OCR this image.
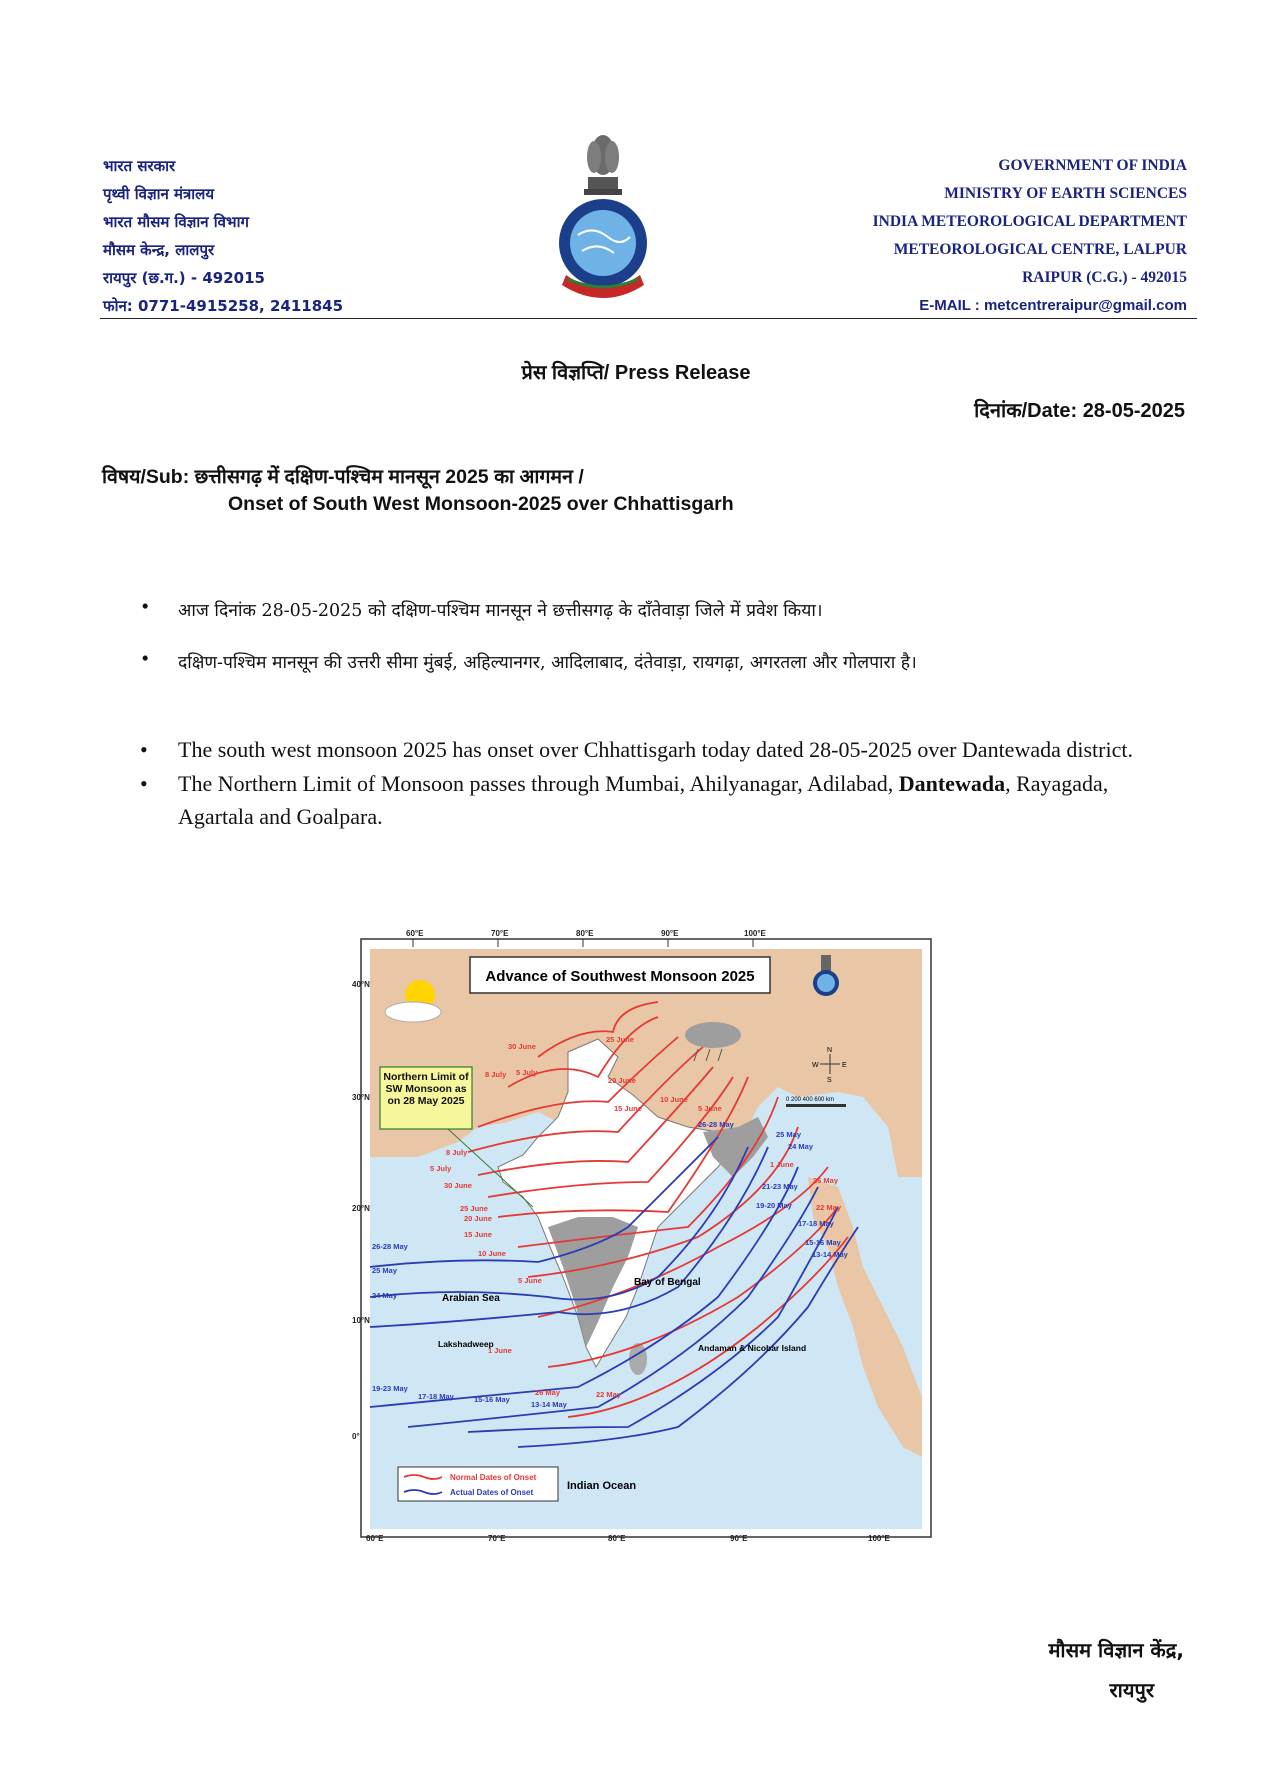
भारत सरकार
पृथ्वी विज्ञान मंत्रालय
भारत मौसम विज्ञान विभाग
मौसम केन्द्र, लालपुर
रायपुर (छ.ग.) - 492015
फोन: 0771-4915258, 2411845
GOVERNMENT OF INDIA
MINISTRY OF EARTH SCIENCES
INDIA METEOROLOGICAL DEPARTMENT
METEOROLOGICAL CENTRE, LALPUR
RAIPUR (C.G.) - 492015
E-MAIL : metcentreraipur@gmail.com
प्रेस विज्ञप्ति/ Press Release
दिनांक/Date: 28-05-2025
विषय/Sub: छत्तीसगढ़ में दक्षिण-पश्चिम मानसून 2025 का आगमन /
Onset of South West Monsoon-2025 over Chhattisgarh
• आज दिनांक 28-05-2025 को दक्षिण-पश्चिम मानसून ने छत्तीसगढ़ के दाँतेवाड़ा जिले में प्रवेश किया।
• दक्षिण-पश्चिम मानसून की उत्तरी सीमा मुंबई, अहिल्यानगर, आदिलाबाद, दंतेवाड़ा, रायगढ़ा, अगरतला और गोलपारा है।
• The south west monsoon 2025 has onset over Chhattisgarh today dated 28-05-2025 over Dantewada district.
• The Northern Limit of Monsoon passes through Mumbai, Ahilyanagar, Adilabad, Dantewada, Rayagada, Agartala and Goalpara.
Advance of Southwest Monsoon 2025
N
S
E
W
0 200 400 600 km
Northern Limit of SW Monsoon as on 28 May 2025
Arabian Sea
Bay of Bengal
Indian Ocean
Lakshadweep	Andaman & Nicobar Island
30 June
25 June
8 July 5 July
20 June
15 June
10 June
5 June
8 July
5 July
30 June
25 June
20 June
15 June
10 June
5 June
1 June
1 June
26 May
22 May
26 May	22 May
26-28 May
25 May
24 May
19-23 May
17-18 May	15-16 May
13-14 May
25 May
26-28 May
24 May
21-23 May
19-20 May
17-18 May
15-16 May
13-14 May
40°N
30°N
20°N
10°N
0°
60°E	70°E	80°E	90°E	100°E
60°E	70°E	80°E	90°E	100°E
Normal Dates of Onset
Actual Dates of Onset
मौसम विज्ञान केंद्र,
रायपुर
